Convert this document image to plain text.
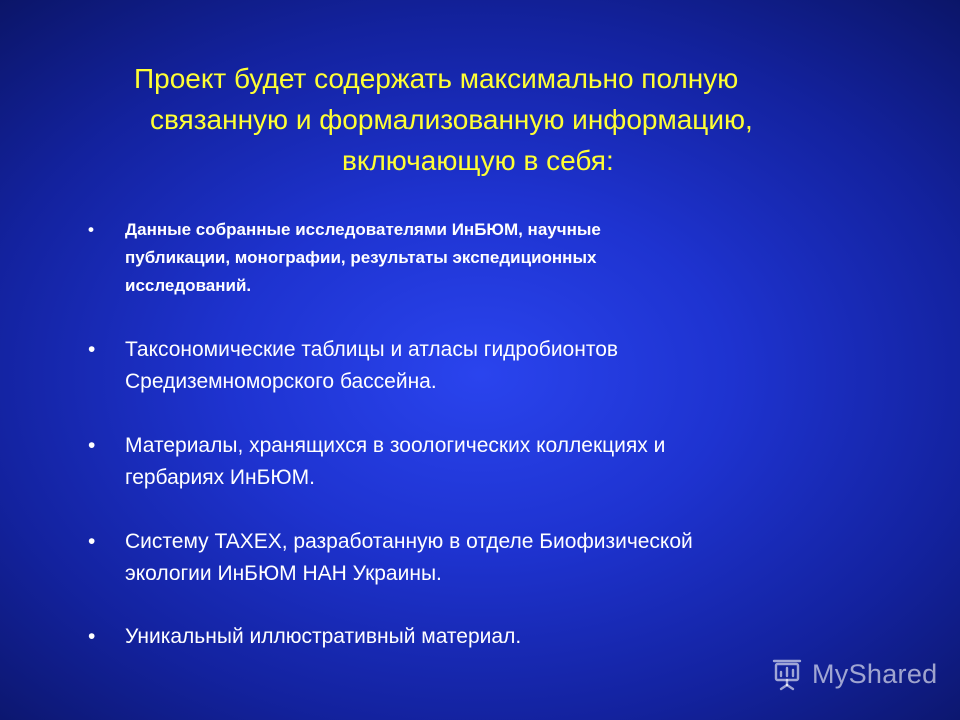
Проект будет содержать максимально полную
связанную и формализованную информацию,
включающую в себя:
• Данные собранные исследователями ИнБЮМ, научные
публикации, монографии, результаты экспедиционных
исследований.
• Таксономические таблицы и атласы гидробионтов
Средиземноморского бассейна.
• Материалы, хранящихся в зоологических коллекциях и
гербариях ИнБЮМ.
• Систему TAXEX, разработанную в отделе Биофизической
экологии ИнБЮМ НАН Украины.
• Уникальный иллюстративный материал.
MyShared
